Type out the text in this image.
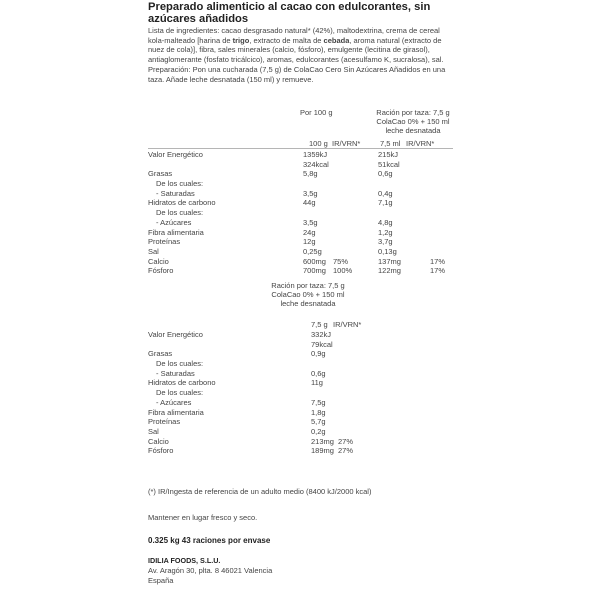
Preparado alimenticio al cacao con edulcorantes, sin azúcares añadidos
Lista de ingredientes: cacao desgrasado natural* (42%), maltodextrina, crema de cereal kola-malteado [harina de trigo, extracto de malta de cebada, aroma natural (extracto de nuez de cola)], fibra, sales minerales (calcio, fósforo), emulgente (lecitina de girasol), antiaglomerante (fosfato tricálcico), aromas, edulcorantes (acesulfamo K, sucralosa), sal.
Preparación: Pon una cucharada (7,5 g) de ColaCao Cero Sin Azúcares Añadidos en una taza. Añade leche desnatada (150 ml) y remueve.
Por 100 g	Ración por taza: 7,5 g
ColaCao 0% + 150 ml
leche desnatada
100 g IR/VRN*	7,5 ml IR/VRN*
Valor Energético	1359kJ	215kJ
324kcal	51kcal
Grasas	5,8g	0,6g
De los cuales:
- Saturadas	3,5g	0,4g
Hidratos de carbono	44g	7,1g
De los cuales:
- Azúcares	3,5g	4,8g
Fibra alimentaria	24g	1,2g
Proteínas	12g	3,7g
Sal	0,25g	0,13g
Calcio	600mg 75%	137mg	17%
Fósforo	700mg 100%	122mg	17%
Ración por taza: 7,5 g
ColaCao 0% + 150 ml
leche desnatada
7,5 g IR/VRN*
Valor Energético	332kJ
79kcal
Grasas	0,9g
De los cuales:
- Saturadas	0,6g
Hidratos de carbono	11g
De los cuales:
- Azúcares	7,5g
Fibra alimentaria	1,8g
Proteínas	5,7g
Sal	0,2g
Calcio	213mg 27%
Fósforo	189mg 27%
(*) IR/Ingesta de referencia de un adulto medio (8400 kJ/2000 kcal)
Mantener en lugar fresco y seco.
0.325 kg 43 raciones por envase
IDILIA FOODS, S.L.U.
Av. Aragón 30, plta. 8 46021 Valencia
España
